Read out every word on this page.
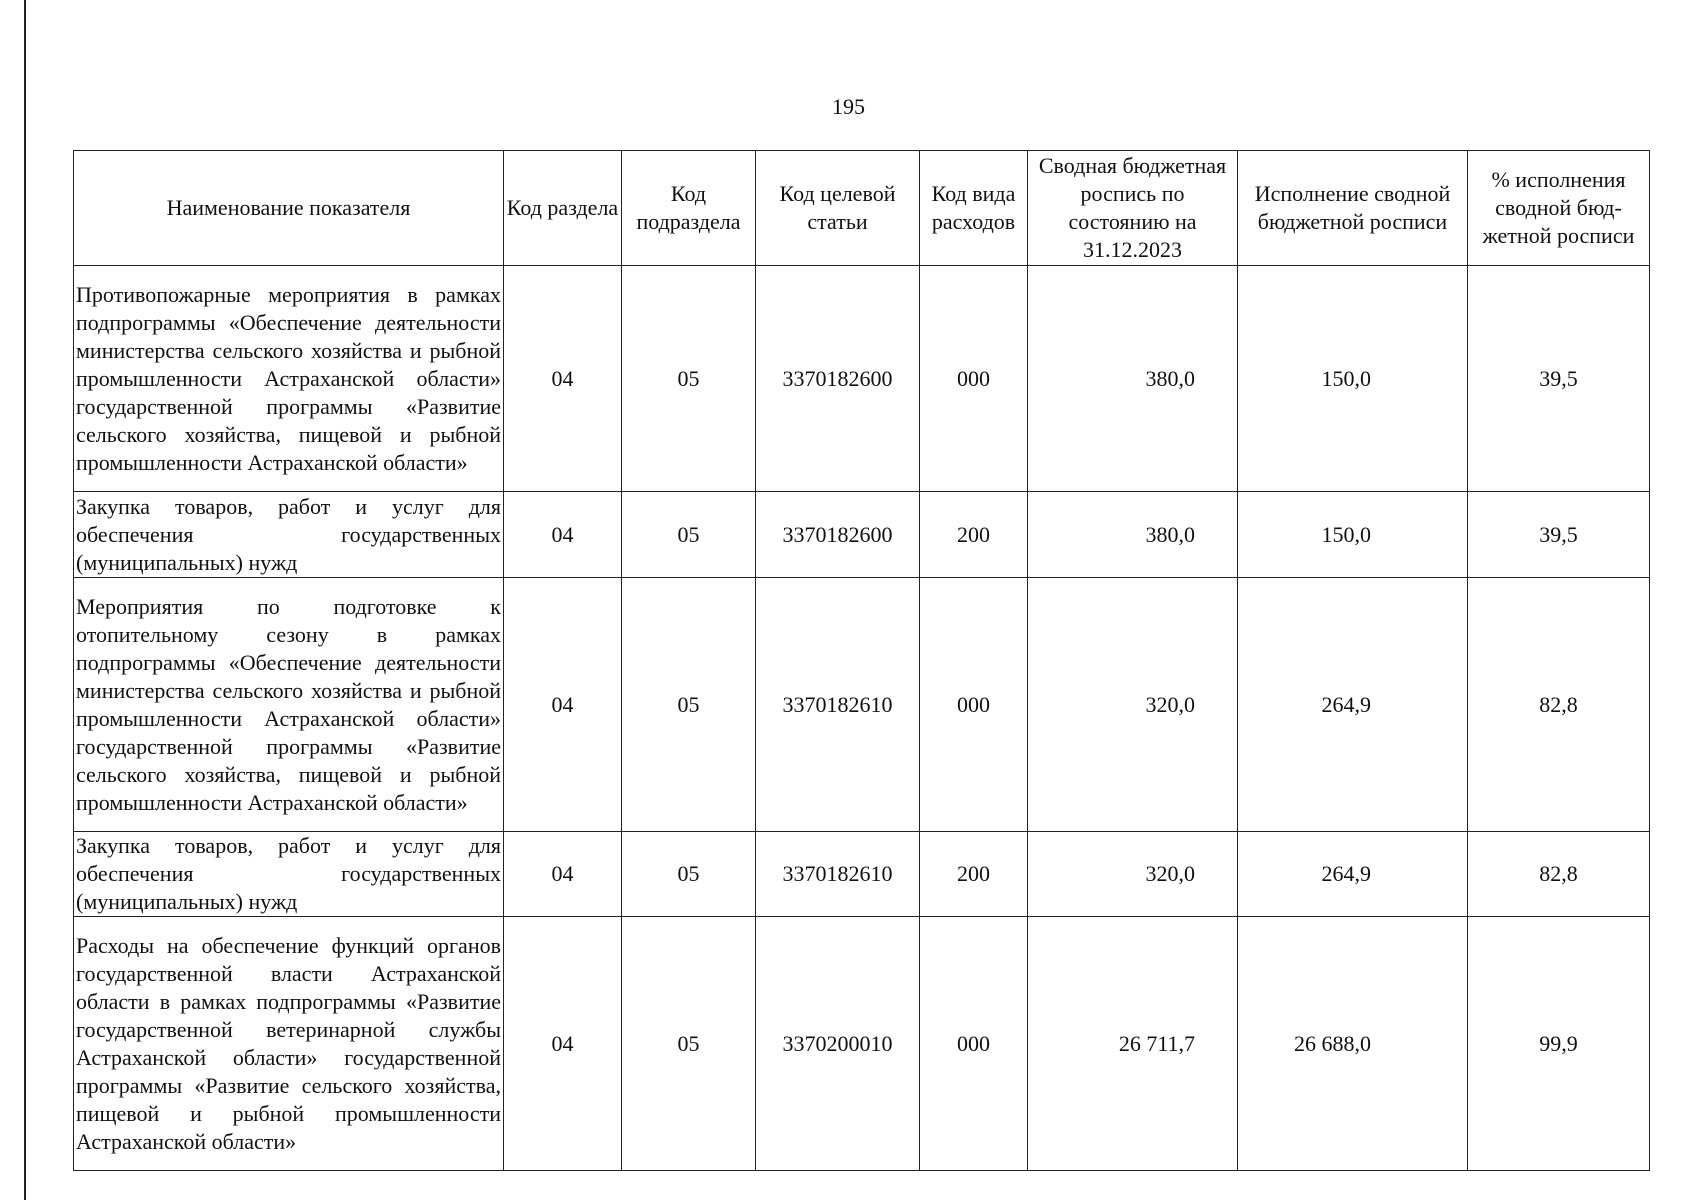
195
Наименование показателя	Код раздела	Код подраздела	Код целевой статьи	Код вида расходов	Сводная бюджетная роспись по состоянию на 31.12.2023	Исполнение сводной бюджетной росписи	% исполнения сводной бюд-жетной росписи
Противопожарные мероприятия в рамках подпрограммы «Обеспечение деятельности министерства сельского хозяйства и рыбной промышленности Астраханской области» государственной программы «Развитие сельского хозяйства, пищевой и рыбной промышленности Астраханской области»	04	05	3370182600	000	380,0	150,0	39,5
Закупка товаров, работ и услуг для обеспечения государственных (муниципальных) нужд	04	05	3370182600	200	380,0	150,0	39,5
Мероприятия по подготовке к отопительному сезону в рамках подпрограммы «Обеспечение деятельности министерства сельского хозяйства и рыбной промышленности Астраханской области» государственной программы «Развитие сельского хозяйства, пищевой и рыбной промышленности Астраханской области»	04	05	3370182610	000	320,0	264,9	82,8
Закупка товаров, работ и услуг для обеспечения государственных (муниципальных) нужд	04	05	3370182610	200	320,0	264,9	82,8
Расходы на обеспечение функций органов государственной власти Астраханской области в рамках подпрограммы «Развитие государственной ветеринарной службы Астраханской области» государственной программы «Развитие сельского хозяйства, пищевой и рыбной промышленности Астраханской области»	04	05	3370200010	000	26 711,7	26 688,0	99,9
